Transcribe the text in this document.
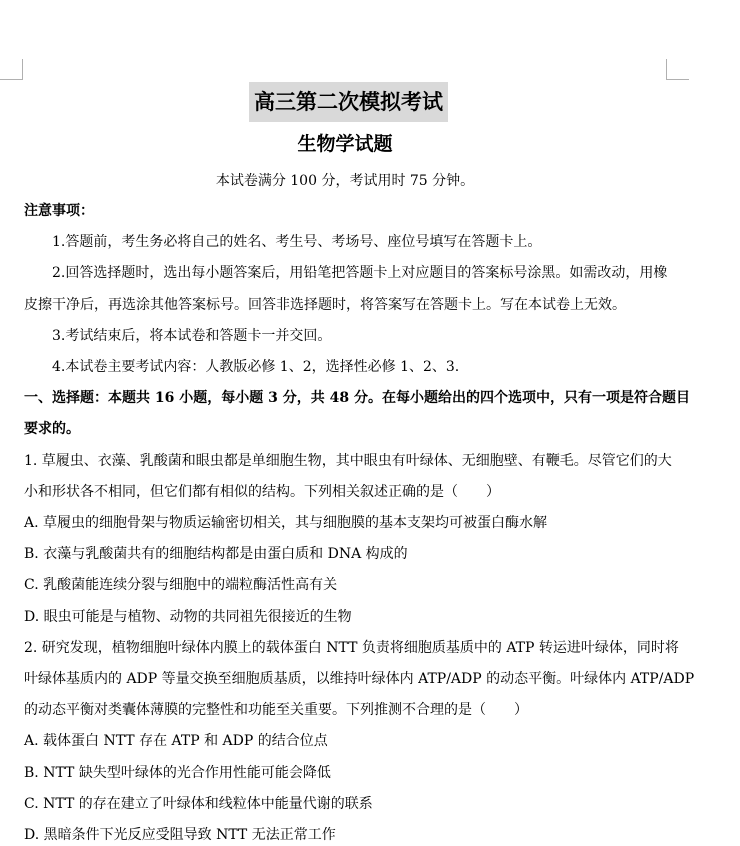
高三第二次模拟考试
生物学试题
本试卷满分 100 分，考试用时 75 分钟。
注意事项：
1.答题前，考生务必将自己的姓名、考生号、考场号、座位号填写在答题卡上。
2.回答选择题时，选出每小题答案后，用铅笔把答题卡上对应题目的答案标号涂黑。如需改动，用橡
皮擦干净后，再选涂其他答案标号。回答非选择题时，将答案写在答题卡上。写在本试卷上无效。
3.考试结束后，将本试卷和答题卡一并交回。
4.本试卷主要考试内容：人教版必修 1、2，选择性必修 1、2、3.
一、选择题：本题共 16 小题，每小题 3 分，共 48 分。在每小题给出的四个选项中，只有一项是符合题目
要求的。
1. 草履虫、衣藻、乳酸菌和眼虫都是单细胞生物，其中眼虫有叶绿体、无细胞壁、有鞭毛。尽管它们的大
小和形状各不相同，但它们都有相似的结构。下列相关叙述正确的是（　　）
A. 草履虫的细胞骨架与物质运输密切相关，其与细胞膜的基本支架均可被蛋白酶水解
B. 衣藻与乳酸菌共有的细胞结构都是由蛋白质和 DNA 构成的
C. 乳酸菌能连续分裂与细胞中的端粒酶活性高有关
D. 眼虫可能是与植物、动物的共同祖先很接近的生物
2. 研究发现，植物细胞叶绿体内膜上的载体蛋白 NTT 负责将细胞质基质中的 ATP 转运进叶绿体，同时将
叶绿体基质内的 ADP 等量交换至细胞质基质，以维持叶绿体内 ATP/ADP 的动态平衡。叶绿体内 ATP/ADP
的动态平衡对类囊体薄膜的完整性和功能至关重要。下列推测不合理的是（　　）
A. 载体蛋白 NTT 存在 ATP 和 ADP 的结合位点
B. NTT 缺失型叶绿体的光合作用性能可能会降低
C. NTT 的存在建立了叶绿体和线粒体中能量代谢的联系
D. 黑暗条件下光反应受阻导致 NTT 无法正常工作
